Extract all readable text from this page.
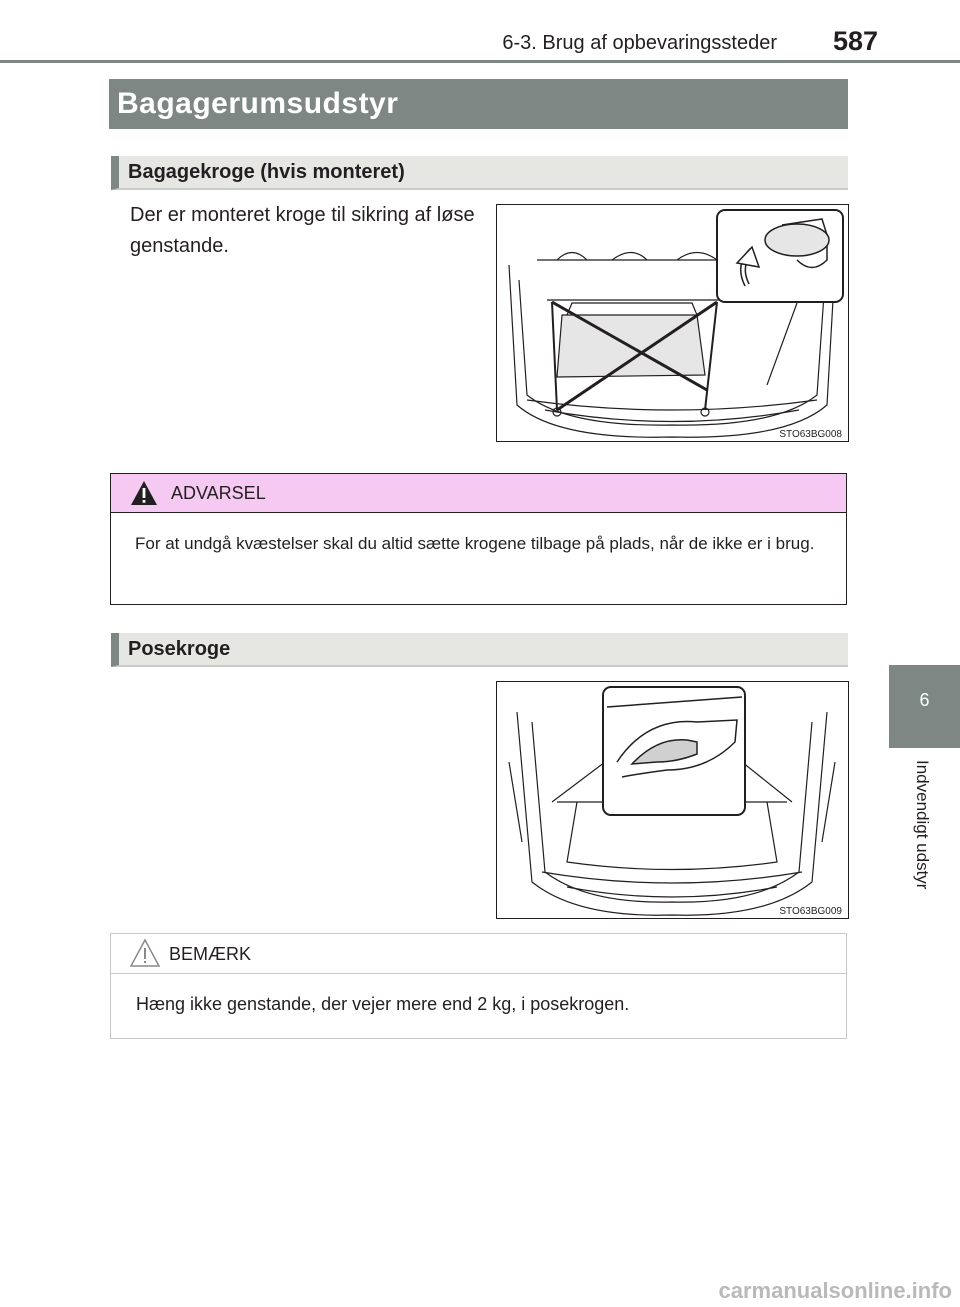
6-3. Brug af opbevaringssteder 587
6
Indvendigt udstyr
Bagagerumsudstyr
Bagagekroge (hvis monteret)
Der er monteret kroge til sikring af løse genstande.
STO63BG008
ADVARSEL
For at undgå kvæstelser skal du altid sætte krogene tilbage på plads, når de ikke er i brug.
Posekroge
STO63BG009
BEMÆRK
Hæng ikke genstande, der vejer mere end 2 kg, i posekrogen.
carmanualsonline.info
